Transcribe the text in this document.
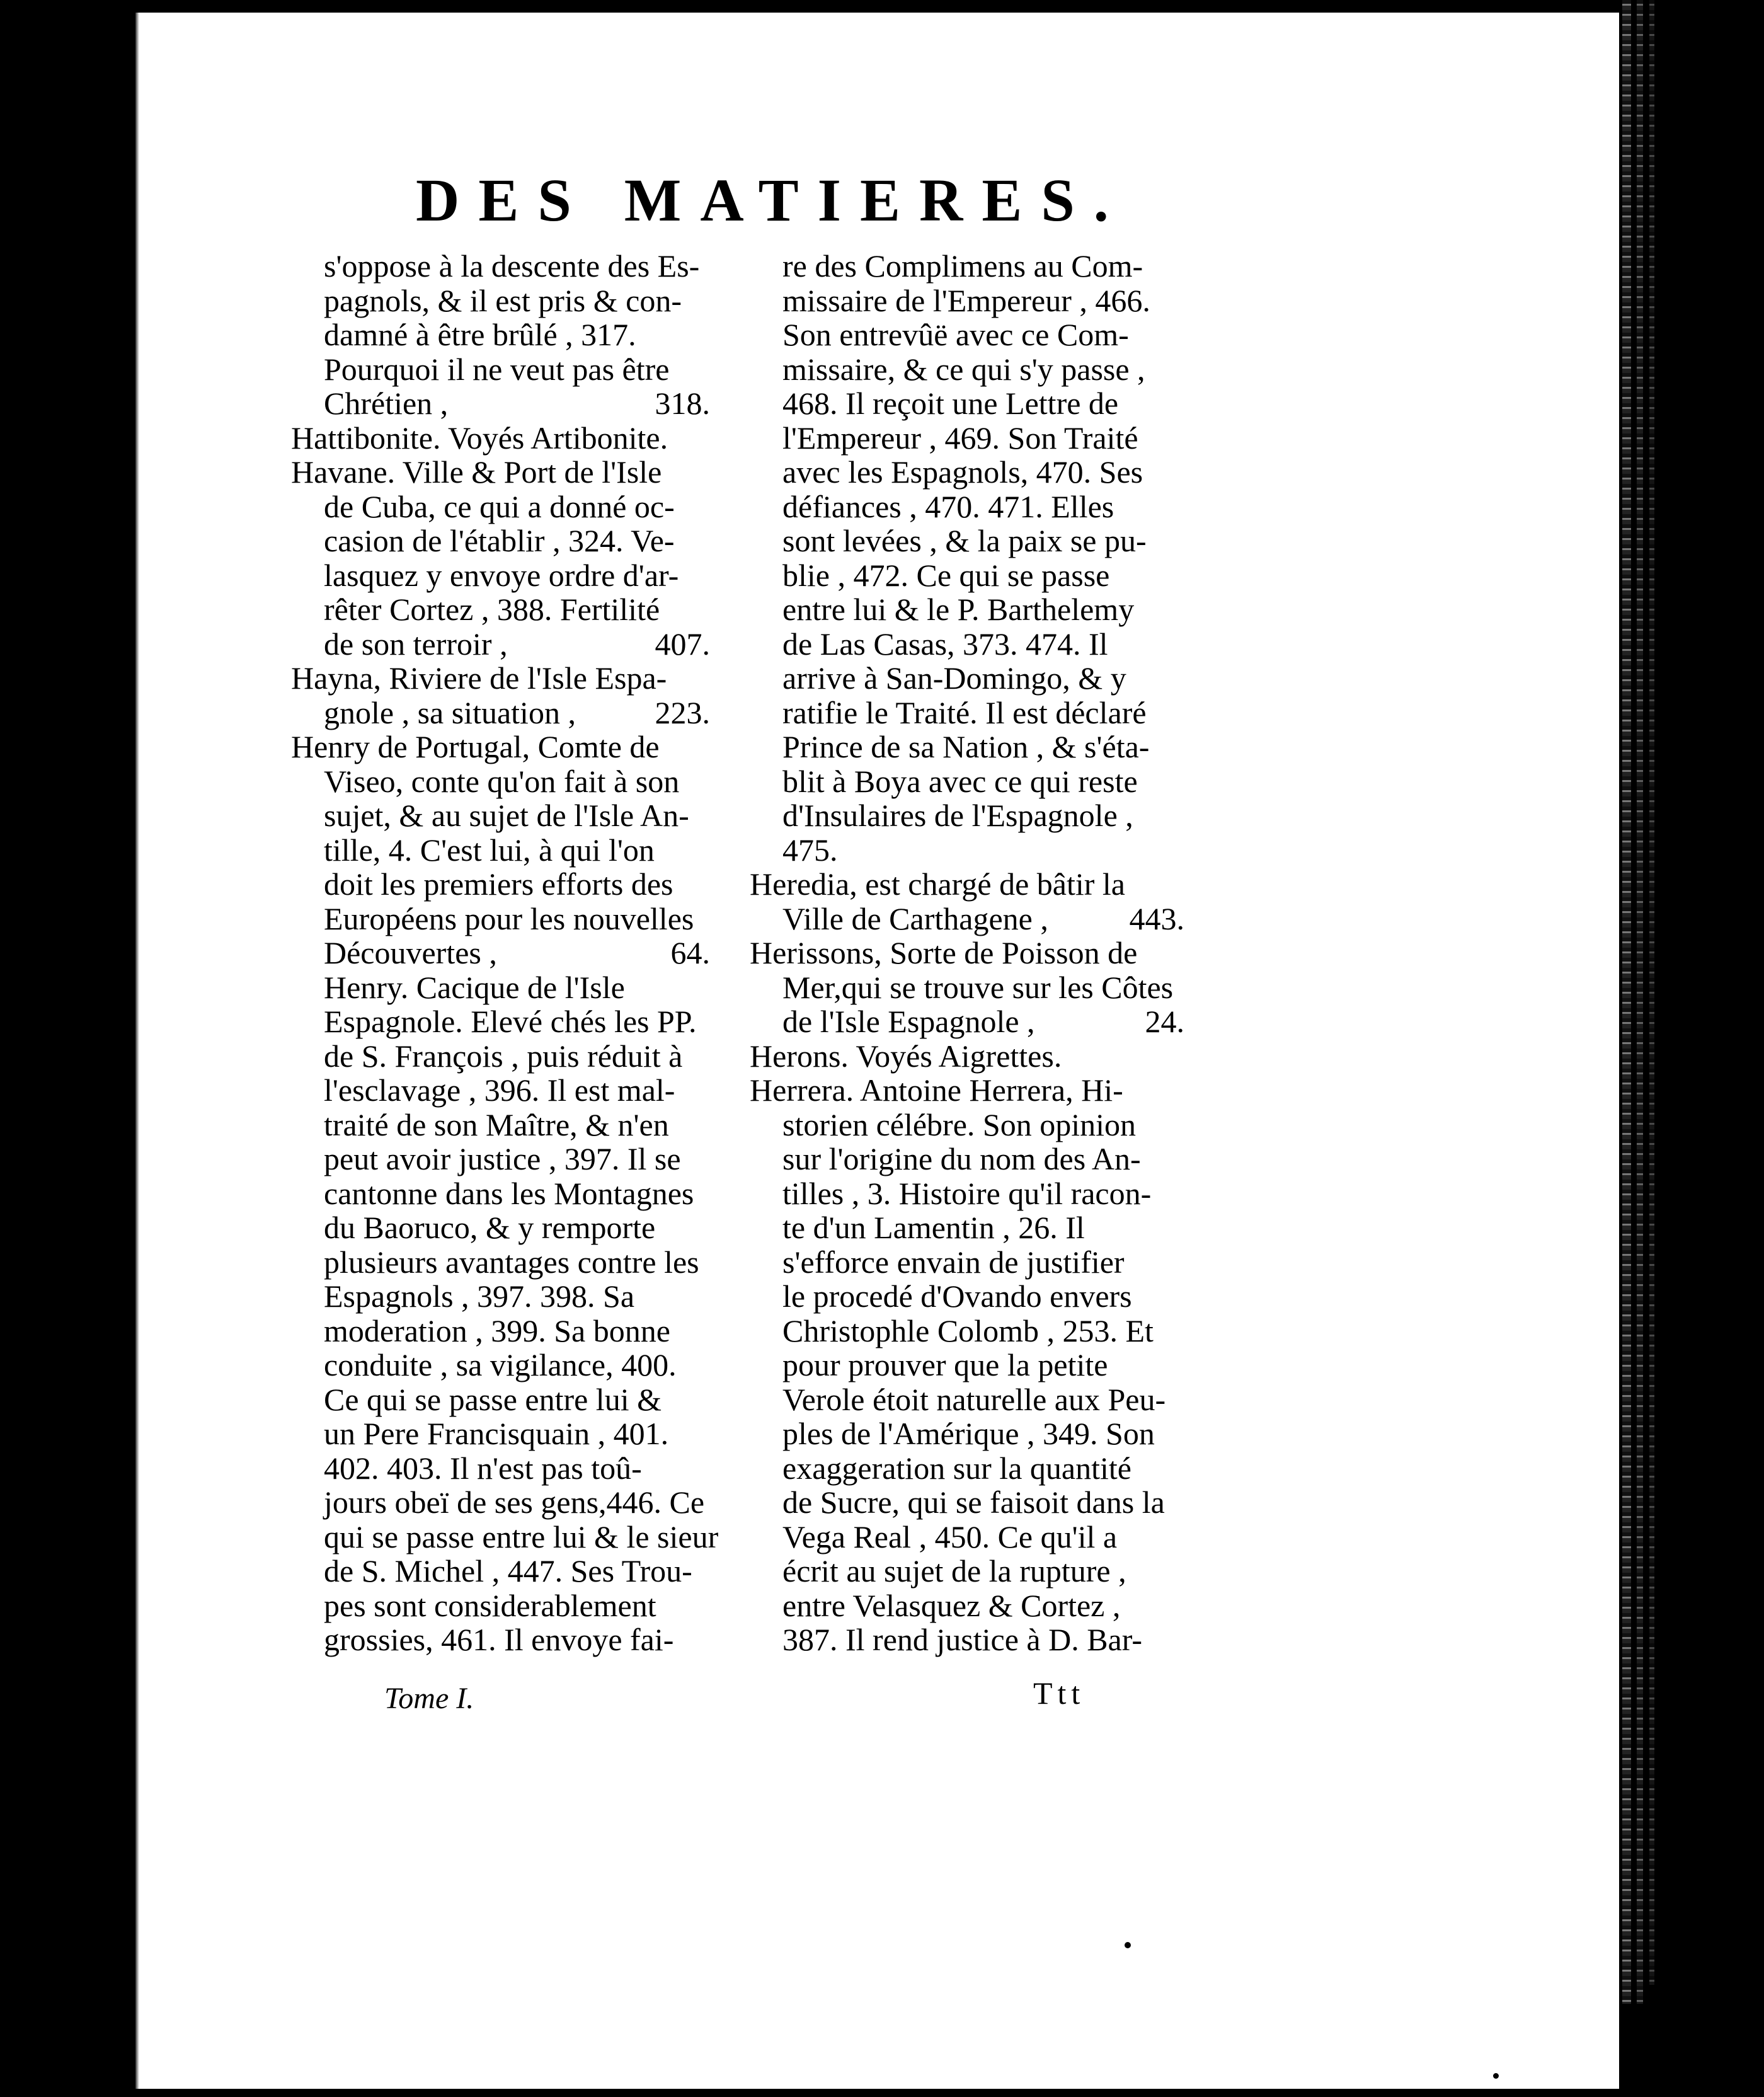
DES MATIERES.
s'oppose à la descente des Es-
pagnols, & il est pris & con-
damné à être brûlé , 317.
Pourquoi il ne veut pas être
Chrétien ,	318.
Hattibonite. Voyés Artibonite.
Havane. Ville & Port de l'Isle
de Cuba, ce qui a donné oc-
casion de l'établir , 324. Ve-
lasquez y envoye ordre d'ar-
rêter Cortez , 388. Fertilité
de son terroir ,	407.
Hayna, Riviere de l'Isle Espa-
gnole , sa situation ,	223.
Henry de Portugal, Comte de
Viseo, conte qu'on fait à son
sujet, & au sujet de l'Isle An-
tille, 4. C'est lui, à qui l'on
doit les premiers efforts des
Européens pour les nouvelles
Découvertes ,	64.
Henry. Cacique de l'Isle
Espagnole. Elevé chés les PP.
de S. François , puis réduit à
l'esclavage , 396. Il est mal-
traité de son Maître, & n'en
peut avoir justice , 397. Il se
cantonne dans les Montagnes
du Baoruco, & y remporte
plusieurs avantages contre les
Espagnols , 397. 398. Sa
moderation , 399. Sa bonne
conduite , sa vigilance, 400.
Ce qui se passe entre lui &
un Pere Francisquain , 401.
402. 403. Il n'est pas toû-
jours obeï de ses gens,446. Ce
qui se passe entre lui & le sieur
de S. Michel , 447. Ses Trou-
pes sont considerablement
grossies, 461. Il envoye fai-
re des Complimens au Com-
missaire de l'Empereur , 466.
Son entrevûë avec ce Com-
missaire, & ce qui s'y passe ,
468. Il reçoit une Lettre de
l'Empereur , 469. Son Traité
avec les Espagnols, 470. Ses
défiances , 470. 471. Elles
sont levées , & la paix se pu-
blie , 472. Ce qui se passe
entre lui & le P. Barthelemy
de Las Casas, 373. 474. Il
arrive à San-Domingo, & y
ratifie le Traité. Il est déclaré
Prince de sa Nation , & s'éta-
blit à Boya avec ce qui reste
d'Insulaires de l'Espagnole ,
475.
Heredia, est chargé de bâtir la
Ville de Carthagene ,	443.
Herissons, Sorte de Poisson de
Mer,qui se trouve sur les Côtes
de l'Isle Espagnole ,	24.
Herons. Voyés Aigrettes.
Herrera. Antoine Herrera, Hi-
storien célébre. Son opinion
sur l'origine du nom des An-
tilles , 3. Histoire qu'il racon-
te d'un Lamentin , 26. Il
s'efforce envain de justifier
le procedé d'Ovando envers
Christophle Colomb , 253. Et
pour prouver que la petite
Verole étoit naturelle aux Peu-
ples de l'Amérique , 349. Son
exaggeration sur la quantité
de Sucre, qui se faisoit dans la
Vega Real , 450. Ce qu'il a
écrit au sujet de la rupture ,
entre Velasquez & Cortez ,
387. Il rend justice à D. Bar-
Tome I.	Ttt
